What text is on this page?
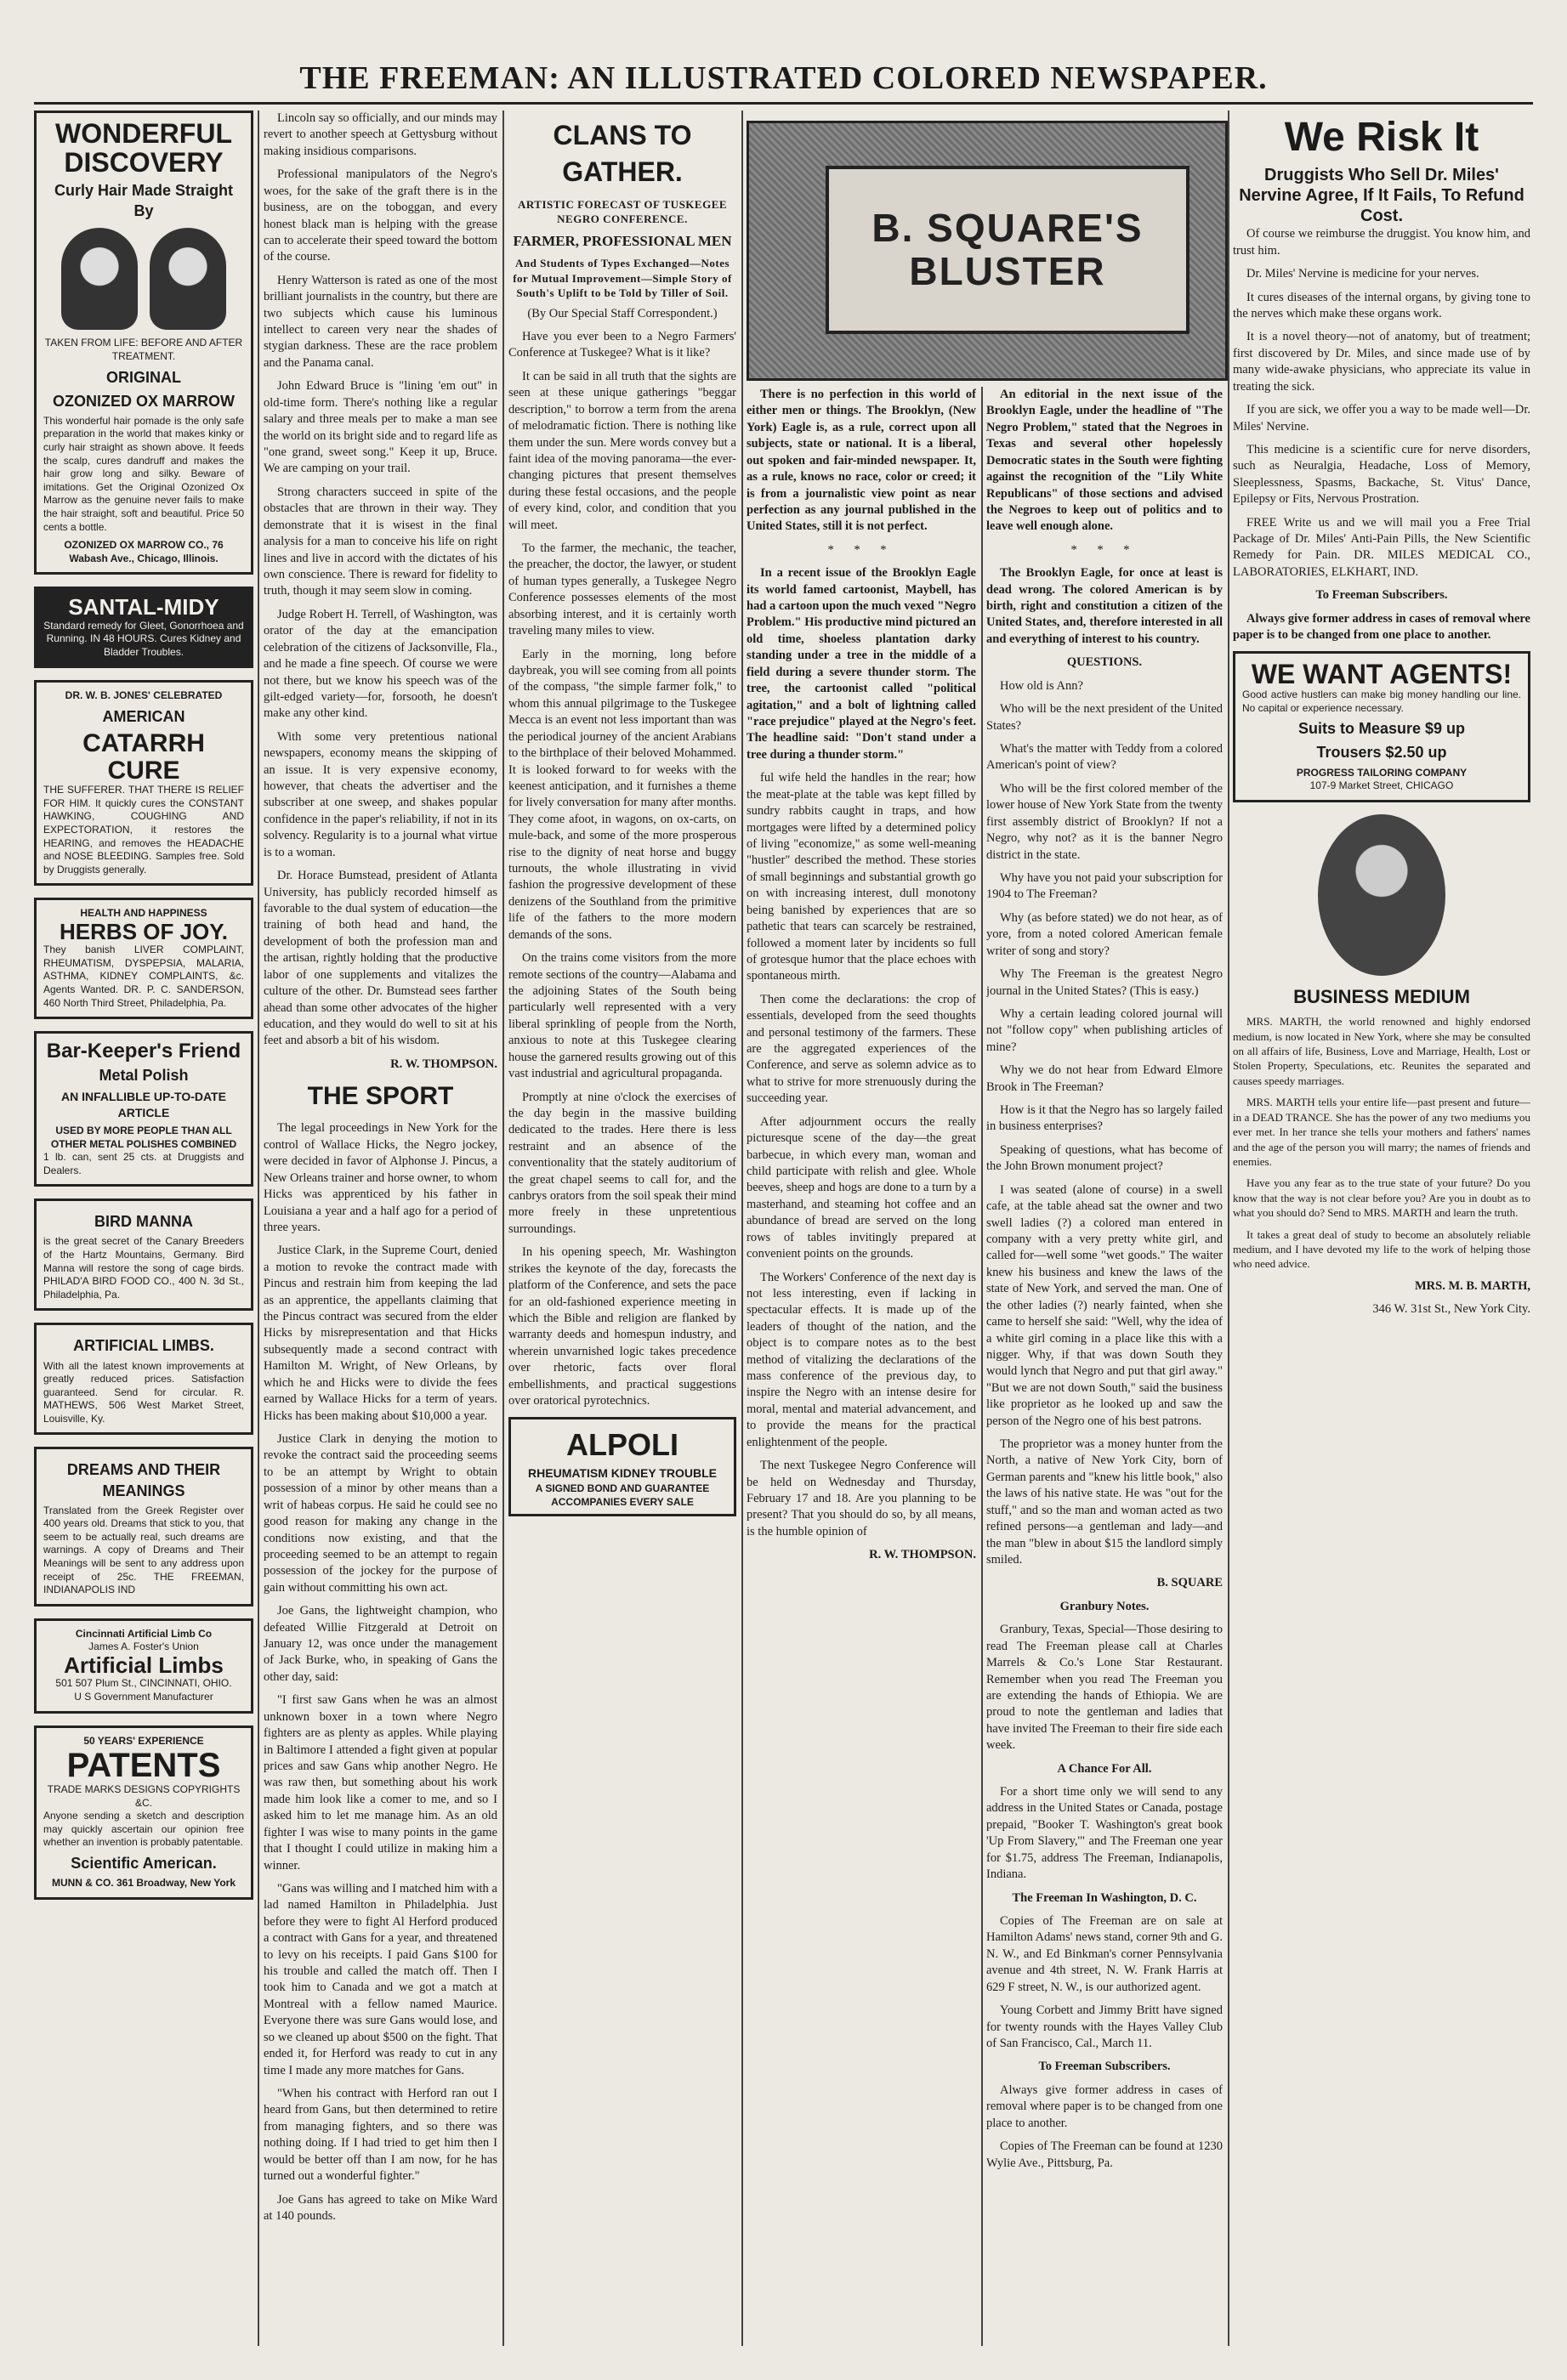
THE FREEMAN: AN ILLUSTRATED COLORED NEWSPAPER.
WONDERFUL
DISCOVERY
Curly Hair Made Straight By
TAKEN FROM LIFE: BEFORE AND AFTER TREATMENT.
ORIGINAL
OZONIZED OX MARROW
This wonderful hair pomade is the only safe preparation in the world that makes kinky or curly hair straight as shown above. It feeds the scalp, cures dandruff and makes the hair grow long and silky. Beware of imitations. Get the Original Ozonized Ox Marrow as the genuine never fails to make the hair straight, soft and beautiful. Price 50 cents a bottle.
OZONIZED OX MARROW CO., 76 Wabash Ave., Chicago, Illinois.
SANTAL-MIDY
Standard remedy for Gleet, Gonorrhoea and Running. IN 48 HOURS. Cures Kidney and Bladder Troubles.
DR. W. B. JONES' CELEBRATED
AMERICAN
CATARRH CURE
THE SUFFERER. THAT THERE IS RELIEF FOR HIM. It quickly cures the CONSTANT HAWKING, COUGHING AND EXPECTORATION, it restores the HEARING, and removes the HEADACHE and NOSE BLEEDING. Samples free. Sold by Druggists generally.
HEALTH AND HAPPINESS
HERBS OF JOY.
They banish LIVER COMPLAINT, RHEUMATISM, DYSPEPSIA, MALARIA, ASTHMA, KIDNEY COMPLAINTS, &c. Agents Wanted. DR. P. C. SANDERSON, 460 North Third Street, Philadelphia, Pa.
Bar-Keeper's Friend
Metal Polish
AN INFALLIBLE UP-TO-DATE ARTICLE
USED BY MORE PEOPLE THAN ALL OTHER METAL POLISHES COMBINED
1 lb. can, sent 25 cts. at Druggists and Dealers.
BIRD MANNA
is the great secret of the Canary Breeders of the Hartz Mountains, Germany. Bird Manna will restore the song of cage birds. PHILAD'A BIRD FOOD CO., 400 N. 3d St., Philadelphia, Pa.
ARTIFICIAL LIMBS.
With all the latest known improvements at greatly reduced prices. Satisfaction guaranteed. Send for circular. R. MATHEWS, 506 West Market Street, Louisville, Ky.
DREAMS AND THEIR MEANINGS
Translated from the Greek Register over 400 years old. Dreams that stick to you, that seem to be actually real, such dreams are warnings. A copy of Dreams and Their Meanings will be sent to any address upon receipt of 25c. THE FREEMAN, INDIANAPOLIS IND
Cincinnati Artificial Limb Co
James A. Foster's Union
Artificial Limbs
501 507 Plum St., CINCINNATI, OHIO.
U S Government Manufacturer
50 YEARS' EXPERIENCE
PATENTS
TRADE MARKS DESIGNS COPYRIGHTS &C.
Anyone sending a sketch and description may quickly ascertain our opinion free whether an invention is probably patentable.
Scientific American.
MUNN & CO. 361 Broadway, New York

Lincoln say so officially, and our minds may revert to another speech at Gettysburg without making insidious comparisons.

Professional manipulators of the Negro's woes, for the sake of the graft there is in the business, are on the toboggan, and every honest black man is helping with the grease can to accelerate their speed toward the bottom of the course.

Henry Watterson is rated as one of the most brilliant journalists in the country, but there are two subjects which cause his luminous intellect to careen very near the shades of stygian darkness. These are the race problem and the Panama canal.

John Edward Bruce is "lining 'em out" in old-time form. There's nothing like a regular salary and three meals per to make a man see the world on its bright side and to regard life as "one grand, sweet song." Keep it up, Bruce. We are camping on your trail.

Strong characters succeed in spite of the obstacles that are thrown in their way. They demonstrate that it is wisest in the final analysis for a man to conceive his life on right lines and live in accord with the dictates of his own conscience. There is reward for fidelity to truth, though it may seem slow in coming.

Judge Robert H. Terrell, of Washington, was orator of the day at the emancipation celebration of the citizens of Jacksonville, Fla., and he made a fine speech. Of course we were not there, but we know his speech was of the gilt-edged variety—for, forsooth, he doesn't make any other kind.

With some very pretentious national newspapers, economy means the skipping of an issue. It is very expensive economy, however, that cheats the advertiser and the subscriber at one sweep, and shakes popular confidence in the paper's reliability, if not in its solvency. Regularity is to a journal what virtue is to a woman.

Dr. Horace Bumstead, president of Atlanta University, has publicly recorded himself as favorable to the dual system of education—the training of both head and hand, the development of both the profession man and the artisan, rightly holding that the productive labor of one supplements and vitalizes the culture of the other. Dr. Bumstead sees farther ahead than some other advocates of the higher education, and they would do well to sit at his feet and absorb a bit of his wisdom.

R. W. THOMPSON.

THE SPORT

The legal proceedings in New York for the control of Wallace Hicks, the Negro jockey, were decided in favor of Alphonse J. Pincus, a New Orleans trainer and horse owner, to whom Hicks was apprenticed by his father in Louisiana a year and a half ago for a period of three years.

Justice Clark, in the Supreme Court, denied a motion to revoke the contract made with Pincus and restrain him from keeping the lad as an apprentice, the appellants claiming that the Pincus contract was secured from the elder Hicks by misrepresentation and that Hicks subsequently made a second contract with Hamilton M. Wright, of New Orleans, by which he and Hicks were to divide the fees earned by Wallace Hicks for a term of years. Hicks has been making about $10,000 a year.

Justice Clark in denying the motion to revoke the contract said the proceeding seems to be an attempt by Wright to obtain possession of a minor by other means than a writ of habeas corpus. He said he could see no good reason for making any change in the conditions now existing, and that the proceeding seemed to be an attempt to regain possession of the jockey for the purpose of gain without committing his own act.

Joe Gans, the lightweight champion, who defeated Willie Fitzgerald at Detroit on January 12, was once under the management of Jack Burke, who, in speaking of Gans the other day, said:

"I first saw Gans when he was an almost unknown boxer in a town where Negro fighters are as plenty as apples. While playing in Baltimore I attended a fight given at popular prices and saw Gans whip another Negro. He was raw then, but something about his work made him look like a comer to me, and so I asked him to let me manage him. As an old fighter I was wise to many points in the game that I thought I could utilize in making him a winner.

"Gans was willing and I matched him with a lad named Hamilton in Philadelphia. Just before they were to fight Al Herford produced a contract with Gans for a year, and threatened to levy on his receipts. I paid Gans $100 for his trouble and called the match off. Then I took him to Canada and we got a match at Montreal with a fellow named Maurice. Everyone there was sure Gans would lose, and so we cleaned up about $500 on the fight. That ended it, for Herford was ready to cut in any time I made any more matches for Gans.

"When his contract with Herford ran out I heard from Gans, but then determined to retire from managing fighters, and so there was nothing doing. If I had tried to get him then I would be better off than I am now, for he has turned out a wonderful fighter."

Joe Gans has agreed to take on Mike Ward at 140 pounds.

CLANS TO GATHER.
ARTISTIC FORECAST OF TUSKEGEE NEGRO CONFERENCE.
FARMER, PROFESSIONAL MEN
And Students of Types Exchanged—Notes for Mutual Improvement—Simple Story of South's Uplift to be Told by Tiller of Soil.

(By Our Special Staff Correspondent.)

Have you ever been to a Negro Farmers' Conference at Tuskegee? What is it like?

It can be said in all truth that the sights are seen at these unique gatherings "beggar description," to borrow a term from the arena of melodramatic fiction. There is nothing like them under the sun. Mere words convey but a faint idea of the moving panorama—the ever-changing pictures that present themselves during these festal occasions, and the people of every kind, color, and condition that you will meet.

To the farmer, the mechanic, the teacher, the preacher, the doctor, the lawyer, or student of human types generally, a Tuskegee Negro Conference possesses elements of the most absorbing interest, and it is certainly worth traveling many miles to view.

Early in the morning, long before daybreak, you will see coming from all points of the compass, "the simple farmer folk," to whom this annual pilgrimage to the Tuskegee Mecca is an event not less important than was the periodical journey of the ancient Arabians to the birthplace of their beloved Mohammed. It is looked forward to for weeks with the keenest anticipation, and it furnishes a theme for lively conversation for many after months. They come afoot, in wagons, on ox-carts, on mule-back, and some of the more prosperous rise to the dignity of neat horse and buggy turnouts, the whole illustrating in vivid fashion the progressive development of these denizens of the Southland from the primitive life of the fathers to the more modern demands of the sons.

On the trains come visitors from the more remote sections of the country—Alabama and the adjoining States of the South being particularly well represented with a very liberal sprinkling of people from the North, anxious to note at this Tuskegee clearing house the garnered results growing out of this vast industrial and agricultural propaganda.

Promptly at nine o'clock the exercises of the day begin in the massive building dedicated to the trades. Here there is less restraint and an absence of the conventionality that the stately auditorium of the great chapel seems to call for, and the canbrys orators from the soil speak their mind more freely in these unpretentious surroundings.

In his opening speech, Mr. Washington strikes the keynote of the day, forecasts the platform of the Conference, and sets the pace for an old-fashioned experience meeting in which the Bible and religion are flanked by warranty deeds and homespun industry, and wherein unvarnished logic takes precedence over rhetoric, facts over floral embellishments, and practical suggestions over oratorical pyrotechnics.

ALPOLI
RHEUMATISM KIDNEY TROUBLE
A SIGNED BOND AND GUARANTEE ACCOMPANIES EVERY SALE
B. SQUARE'S
BLUSTER

There is no perfection in this world of either men or things. The Brooklyn, (New York) Eagle is, as a rule, correct upon all subjects, state or national. It is a liberal, out spoken and fair-minded newspaper. It, as a rule, knows no race, color or creed; it is from a journalistic view point as near perfection as any journal published in the United States, still it is not perfect.

* * *

In a recent issue of the Brooklyn Eagle its world famed cartoonist, Maybell, has had a cartoon upon the much vexed "Negro Problem." His productive mind pictured an old time, shoeless plantation darky standing under a tree in the middle of a field during a severe thunder storm. The tree, the cartoonist called "political agitation," and a bolt of lightning called "race prejudice" played at the Negro's feet. The headline said: "Don't stand under a tree during a thunder storm."

ful wife held the handles in the rear; how the meat-plate at the table was kept filled by sundry rabbits caught in traps, and how mortgages were lifted by a determined policy of living "economize," as some well-meaning "hustler" described the method. These stories of small beginnings and substantial growth go on with increasing interest, dull monotony being banished by experiences that are so pathetic that tears can scarcely be restrained, followed a moment later by incidents so full of grotesque humor that the place echoes with spontaneous mirth.

Then come the declarations: the crop of essentials, developed from the seed thoughts and personal testimony of the farmers. These are the aggregated experiences of the Conference, and serve as solemn advice as to what to strive for more strenuously during the succeeding year.

After adjournment occurs the really picturesque scene of the day—the great barbecue, in which every man, woman and child participate with relish and glee. Whole beeves, sheep and hogs are done to a turn by a masterhand, and steaming hot coffee and an abundance of bread are served on the long rows of tables invitingly prepared at convenient points on the grounds.

The Workers' Conference of the next day is not less interesting, even if lacking in spectacular effects. It is made up of the leaders of thought of the nation, and the object is to compare notes as to the best method of vitalizing the declarations of the mass conference of the previous day, to inspire the Negro with an intense desire for moral, mental and material advancement, and to provide the means for the practical enlightenment of the people.

The next Tuskegee Negro Conference will be held on Wednesday and Thursday, February 17 and 18. Are you planning to be present? That you should do so, by all means, is the humble opinion of

R. W. THOMPSON.

An editorial in the next issue of the Brooklyn Eagle, under the headline of "The Negro Problem," stated that the Negroes in Texas and several other hopelessly Democratic states in the South were fighting against the recognition of the "Lily White Republicans" of those sections and advised the Negroes to keep out of politics and to leave well enough alone.

* * *

The Brooklyn Eagle, for once at least is dead wrong. The colored American is by birth, right and constitution a citizen of the United States, and, therefore interested in all and everything of interest to his country.

QUESTIONS.

How old is Ann?

Who will be the next president of the United States?

What's the matter with Teddy from a colored American's point of view?

Who will be the first colored member of the lower house of New York State from the twenty first assembly district of Brooklyn? If not a Negro, why not? as it is the banner Negro district in the state.

Why have you not paid your subscription for 1904 to The Freeman?

Why (as before stated) we do not hear, as of yore, from a noted colored American female writer of song and story?

Why The Freeman is the greatest Negro journal in the United States? (This is easy.)

Why a certain leading colored journal will not "follow copy" when publishing articles of mine?

Why we do not hear from Edward Elmore Brook in The Freeman?

How is it that the Negro has so largely failed in business enterprises?

Speaking of questions, what has become of the John Brown monument project?

I was seated (alone of course) in a swell cafe, at the table ahead sat the owner and two swell ladies (?) a colored man entered in company with a very pretty white girl, and called for—well some "wet goods." The waiter knew his business and knew the laws of the state of New York, and served the man. One of the other ladies (?) nearly fainted, when she came to herself she said: "Well, why the idea of a white girl coming in a place like this with a nigger. Why, if that was down South they would lynch that Negro and put that girl away." "But we are not down South," said the business like proprietor as he looked up and saw the person of the Negro one of his best patrons.

The proprietor was a money hunter from the North, a native of New York City, born of German parents and "knew his little book," also the laws of his native state. He was "out for the stuff," and so the man and woman acted as two refined persons—a gentleman and lady—and the man "blew in about $15 the landlord simply smiled.

B. SQUARE

Granbury Notes.

Granbury, Texas, Special—Those desiring to read The Freeman please call at Charles Marrels & Co.'s Lone Star Restaurant. Remember when you read The Freeman you are extending the hands of Ethiopia. We are proud to note the gentleman and ladies that have invited The Freeman to their fire side each week.

A Chance For All.

For a short time only we will send to any address in the United States or Canada, postage prepaid, "Booker T. Washington's great book 'Up From Slavery,'" and The Freeman one year for $1.75, address The Freeman, Indianapolis, Indiana.

The Freeman In Washington, D. C.

Copies of The Freeman are on sale at Hamilton Adams' news stand, corner 9th and G. N. W., and Ed Binkman's corner Pennsylvania avenue and 4th street, N. W. Frank Harris at 629 F street, N. W., is our authorized agent.

Young Corbett and Jimmy Britt have signed for twenty rounds with the Hayes Valley Club of San Francisco, Cal., March 11.

To Freeman Subscribers.

Always give former address in cases of removal where paper is to be changed from one place to another.

Copies of The Freeman can be found at 1230 Wylie Ave., Pittsburg, Pa.

We Risk It
Druggists Who Sell Dr. Miles' Nervine Agree, If It Fails, To Refund Cost.

Of course we reimburse the druggist. You know him, and trust him.

Dr. Miles' Nervine is medicine for your nerves.

It cures diseases of the internal organs, by giving tone to the nerves which make these organs work.

It is a novel theory—not of anatomy, but of treatment; first discovered by Dr. Miles, and since made use of by many wide-awake physicians, who appreciate its value in treating the sick.

If you are sick, we offer you a way to be made well—Dr. Miles' Nervine.

This medicine is a scientific cure for nerve disorders, such as Neuralgia, Headache, Loss of Memory, Sleeplessness, Spasms, Backache, St. Vitus' Dance, Epilepsy or Fits, Nervous Prostration.

FREE Write us and we will mail you a Free Trial Package of Dr. Miles' Anti-Pain Pills, the New Scientific Remedy for Pain. DR. MILES MEDICAL CO., LABORATORIES, ELKHART, IND.

To Freeman Subscribers.

Always give former address in cases of removal where paper is to be changed from one place to another.

WE WANT AGENTS!
Good active hustlers can make big money handling our line. No capital or experience necessary.
Suits to Measure $9 up
Trousers $2.50 up
PROGRESS TAILORING COMPANY
107-9 Market Street, CHICAGO
BUSINESS MEDIUM

MRS. MARTH, the world renowned and highly endorsed medium, is now located in New York, where she may be consulted on all affairs of life, Business, Love and Marriage, Health, Lost or Stolen Property, Speculations, etc. Reunites the separated and causes speedy marriages.

MRS. MARTH tells your entire life—past present and future—in a DEAD TRANCE. She has the power of any two mediums you ever met. In her trance she tells your mothers and fathers' names and the age of the person you will marry; the names of friends and enemies.

Have you any fear as to the true state of your future? Do you know that the way is not clear before you? Are you in doubt as to what you should do? Send to MRS. MARTH and learn the truth.

It takes a great deal of study to become an absolutely reliable medium, and I have devoted my life to the work of helping those who need advice.

MRS. M. B. MARTH,

346 W. 31st St., New York City.
